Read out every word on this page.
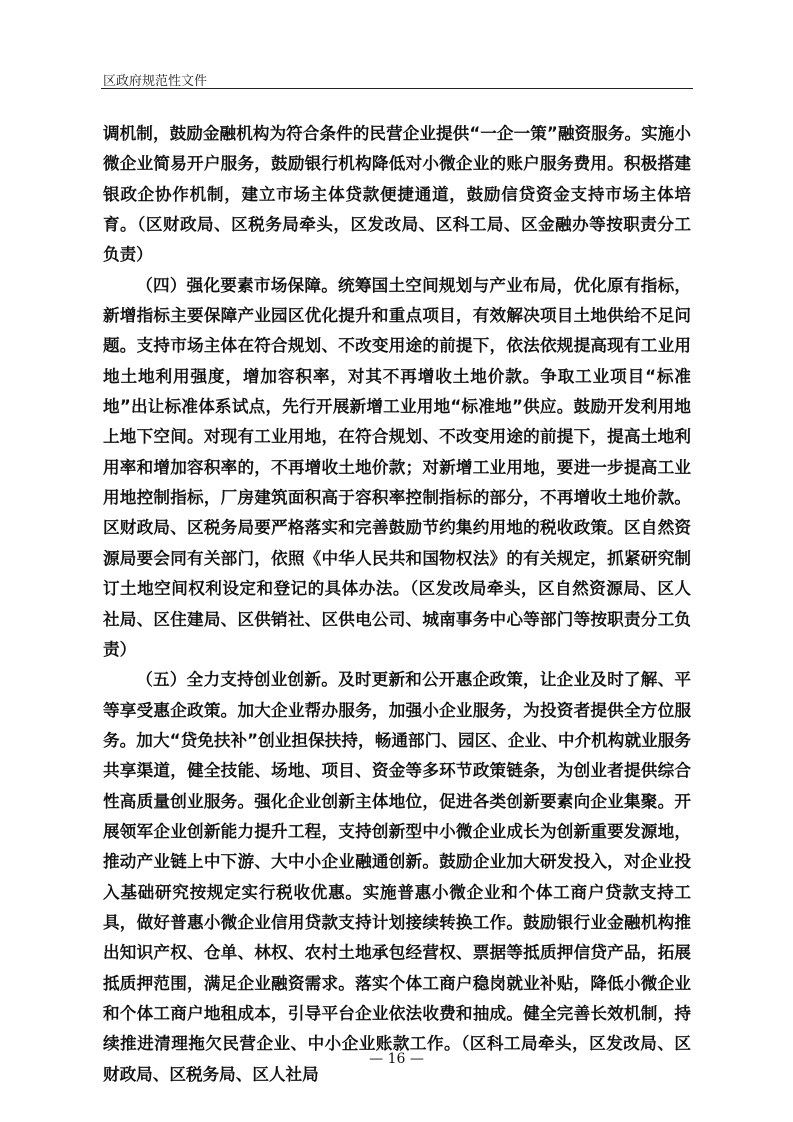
区政府规范性文件

调机制，鼓励金融机构为符合条件的民营企业提供“一企一策”融资服务。实施小微企业简易开户服务，鼓励银行机构降低对小微企业的账户服务费用。积极搭建银政企协作机制，建立市场主体贷款便捷通道，鼓励信贷资金支持市场主体培育。（区财政局、区税务局牵头，区发改局、区科工局、区金融办等按职责分工负责）

（四）强化要素市场保障。统筹国土空间规划与产业布局，优化原有指标，新增指标主要保障产业园区优化提升和重点项目，有效解决项目土地供给不足问题。支持市场主体在符合规划、不改变用途的前提下，依法依规提高现有工业用地土地利用强度，增加容积率，对其不再增收土地价款。争取工业项目“标准地”出让标准体系试点，先行开展新增工业用地“标准地”供应。鼓励开发利用地上地下空间。对现有工业用地，在符合规划、不改变用途的前提下，提高土地利用率和增加容积率的，不再增收土地价款；对新增工业用地，要进一步提高工业用地控制指标，厂房建筑面积高于容积率控制指标的部分，不再增收土地价款。区财政局、区税务局要严格落实和完善鼓励节约集约用地的税收政策。区自然资源局要会同有关部门，依照《中华人民共和国物权法》的有关规定，抓紧研究制订土地空间权利设定和登记的具体办法。（区发改局牵头，区自然资源局、区人社局、区住建局、区供销社、区供电公司、城南事务中心等部门等按职责分工负责）

（五）全力支持创业创新。及时更新和公开惠企政策，让企业及时了解、平等享受惠企政策。加大企业帮办服务，加强小企业服务，为投资者提供全方位服务。加大“贷免扶补”创业担保扶持，畅通部门、园区、企业、中介机构就业服务共享渠道，健全技能、场地、项目、资金等多环节政策链条，为创业者提供综合性高质量创业服务。强化企业创新主体地位，促进各类创新要素向企业集聚。开展领军企业创新能力提升工程，支持创新型中小微企业成长为创新重要发源地，推动产业链上中下游、大中小企业融通创新。鼓励企业加大研发投入，对企业投入基础研究按规定实行税收优惠。实施普惠小微企业和个体工商户贷款支持工具，做好普惠小微企业信用贷款支持计划接续转换工作。鼓励银行业金融机构推出知识产权、仓单、林权、农村土地承包经营权、票据等抵质押信贷产品，拓展抵质押范围，满足企业融资需求。落实个体工商户稳岗就业补贴，降低小微企业和个体工商户地租成本，引导平台企业依法收费和抽成。健全完善长效机制，持续推进清理拖欠民营企业、中小企业账款工作。（区科工局牵头，区发改局、区财政局、区税务局、区人社局

— 16 —
